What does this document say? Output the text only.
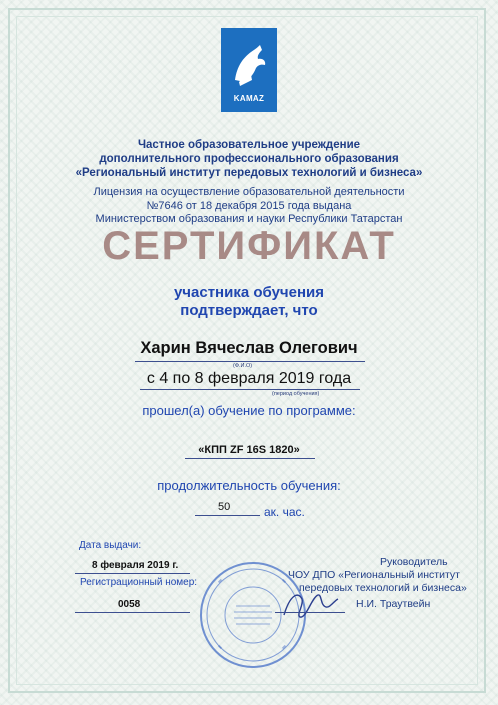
KAMAZ
Частное образовательное учреждение
дополнительного профессионального образования
«Региональный институт передовых технологий и бизнеса»
Лицензия на осуществление образовательной деятельности
№7646 от 18 декабря 2015 года выдана
Министерством образования и науки Республики Татарстан
СЕРТИФИКАТ
участника обучения
подтверждает, что
Харин Вячеслав Олегович
(Ф.И.О)
с 4 по 8 февраля 2019 года
(период обучения)
прошел(а) обучение по программе:
«КПП ZF 16S 1820»
продолжительность обучения:
50	ак. час.
Дата выдачи:
8 февраля 2019 г.
Регистрационный номер:
0058
Руководитель
ЧОУ ДПО «Региональный институт
передовых технологий и бизнеса»
Н.И. Траутвейн
